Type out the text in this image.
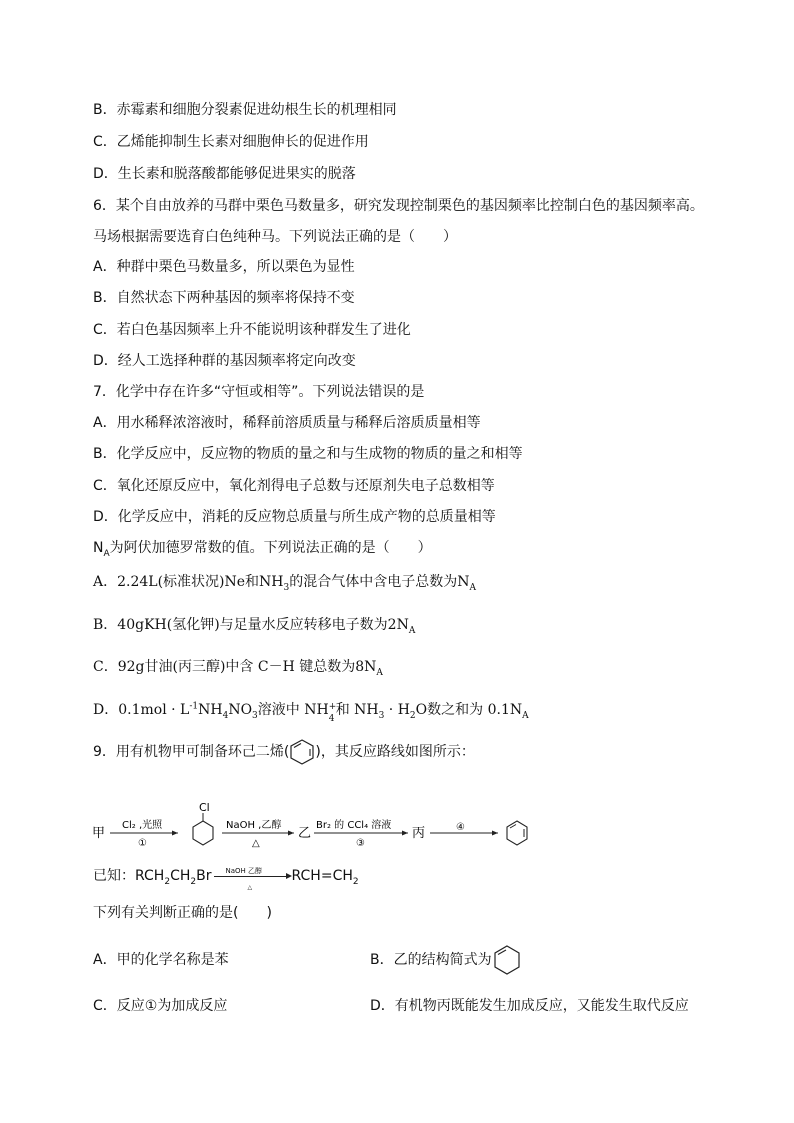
B．赤霉素和细胞分裂素促进幼根生长的机理相同
C．乙烯能抑制生长素对细胞伸长的促进作用
D．生长素和脱落酸都能够促进果实的脱落
6．某个自由放养的马群中栗色马数量多，研究发现控制栗色的基因频率比控制白色的基因频率高。
马场根据需要选育白色纯种马。下列说法正确的是（　　）
A．种群中栗色马数量多，所以栗色为显性
B．自然状态下两种基因的频率将保持不变
C．若白色基因频率上升不能说明该种群发生了进化
D．经人工选择种群的基因频率将定向改变
7．化学中存在许多“守恒或相等”。下列说法错误的是
A．用水稀释浓溶液时，稀释前溶质质量与稀释后溶质质量相等
B．化学反应中，反应物的物质的量之和与生成物的物质的量之和相等
C．氧化还原反应中，氧化剂得电子总数与还原剂失电子总数相等
D．化学反应中，消耗的反应物总质量与所生成产物的总质量相等
$N_A$为阿伏加德罗常数的值。下列说法正确的是（　　）
A．2.24L(标准状况)Ne和$NH_3$的混合气体中含电子总数为$N_A$
B．40gKH(氢化钾)与足量水反应转移电子数为$2N_A$
C．92g甘油(丙三醇)中含 C－H 键总数为$8N_A$
D．$0.1mol \cdot L^{-1}NH_4NO_3$溶液中 NH +
4
和 $NH_3 \cdot H_2O$数之和为 $0.1N_A$
9．用有机物甲可制备环己二烯( )，其反应路线如图所示：
甲
Cl₂ ,光照
①
Cl
NaOH ,乙醇
△
乙
Br₂ 的 CCl₄ 溶液
③
丙	④
已知：$RCH_2CH_2Br$ NaOH 乙醇
△
$RCH=CH_2$
下列有关判断正确的是(　　)
A．甲的化学名称是苯	B．乙的结构简式为
C．反应①为加成反应	D．有机物丙既能发生加成反应，又能发生取代反应
